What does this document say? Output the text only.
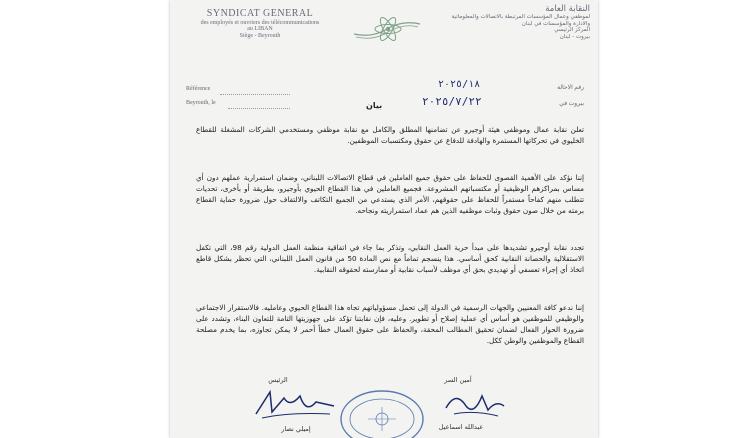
SYNDICAT GENERAL
des employés et ouvriers des télécommunications
au LIBAN
Siège - Beyrouth
النقابة العامة
لموظفي وعمال المؤسسات المرتبطة بالاتصالات والمعلوماتية والادارة والمؤسسات في لبنان
المركز الرئيسي
بيروت - لبنان
Référence
Beyrouth, le
رقم الاحالة
٢٠٢٥/١٨
بيروت في
٢٠٢٥/٧/٢٢
بيان

تعلن نقابة عمال وموظفي هيئة أوجيرو عن تضامنها المطلق والكامل مع نقابة موظفي ومستخدمي الشركات المشغلة للقطاع الخليوي في تحركاتها المستمرة والهادفة للدفاع عن حقوق ومكتسبات الموظفين.

إننا نؤكد على الأهمية القصوى للحفاظ على حقوق جميع العاملين في قطاع الاتصالات اللبناني، وضمان استمرارية عملهم دون أي مساس بمراكزهم الوظيفية أو مكتسباتهم المشروعة. فجميع العاملين في هذا القطاع الحيوي بأوجيرو، بطريقة أو بأخرى، تحديات تتطلب منهم كفاحاً مستمراً للحفاظ على حقوقهم، الأمر الذي يستدعي من الجميع التكاتف والالتفاف حول ضرورة حماية القطاع برمته من خلال صون حقوق وثبات موظفيه الذين هم عماد استمراريته ونجاحه.

تجدد نقابة أوجيرو تشديدها على مبدأ حرية العمل النقابي، وتذكر بما جاء في اتفاقية منظمة العمل الدولية رقم 98، التي تكفل الاستقلالية والحصانة النقابية كحق أساسي. هذا ينسجم تماماً مع نص المادة 50 من قانون العمل اللبناني، التي تحظر بشكل قاطع اتخاذ أي إجراء تعسفي أو تهديدي بحق أي موظف لأسباب نقابية أو ممارسته لحقوقه النقابية.

إننا ندعو كافة المعنيين والجهات الرسمية في الدولة إلى تحمل مسؤولياتهم تجاه هذا القطاع الحيوي وعامليه. فالاستقرار الاجتماعي والوظيفي للموظفين هو أساس أي عملية إصلاح أو تطوير. وعليه، فإن نقابتنا تؤكد على جهوزيتها التامة للتعاون البناء، وتشدد على ضرورة الحوار الفعال لضمان تحقيق المطالب المحقة، والحفاظ على حقوق العمال خطاً أحمر لا يمكن تجاوزه، بما يخدم مصلحة القطاع والموظفين والوطن ككل.

الرئيس
إميلي نصار
أمين السر
عبدالله اسماعيل
